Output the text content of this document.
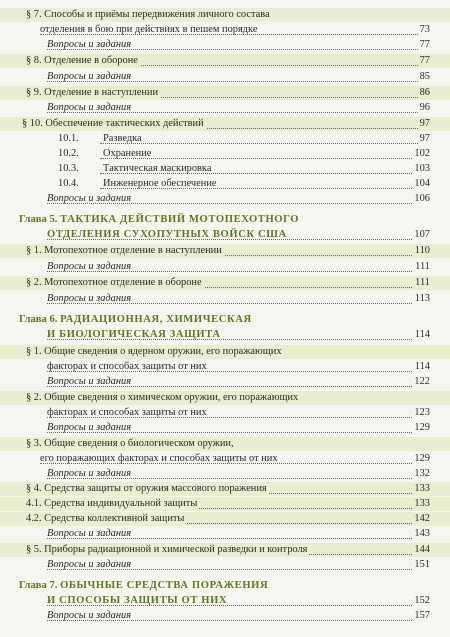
§ 7. Способы и приёмы передвижения личного состава
отделения в бою при действиях в пешем порядке	73
Вопросы и задания	77
§ 8. Отделение в обороне	77
Вопросы и задания	85
§ 9. Отделение в наступлении	86
Вопросы и задания	96
§ 10. Обеспечение тактических действий	97
10.1. Разведка	97
10.2. Охранение	102
10.3. Тактическая маскировка	103
10.4. Инженерное обеспечение	104
Вопросы и задания	106
Глава 5. ТАКТИКА ДЕЙСТВИЙ МОТОПЕХОТНОГО
ОТДЕЛЕНИЯ СУХОПУТНЫХ ВОЙСК США	107
§ 1. Мотопехотное отделение в наступлении	110
Вопросы и задания	111
§ 2. Мотопехотное отделение в обороне	111
Вопросы и задания	113
Глава 6. РАДИАЦИОННАЯ, ХИМИЧЕСКАЯ
И БИОЛОГИЧЕСКАЯ ЗАЩИТА	114
§ 1. Общие сведения о ядерном оружии, его поражающих
факторах и способах защиты от них	114
Вопросы и задания	122
§ 2. Общие сведения о химическом оружии, его поражающих
факторах и способах защиты от них	123
Вопросы и задания	129
§ 3. Общие сведения о биологическом оружии,
его поражающих факторах и способах защиты от них	129
Вопросы и задания	132
§ 4. Средства защиты от оружия массового поражения	133
4.1. Средства индивидуальной защиты	133
4.2. Средства коллективной защиты	142
Вопросы и задания	143
§ 5. Приборы радиационной и химической разведки и контроля	144
Вопросы и задания	151
Глава 7. ОБЫЧНЫЕ СРЕДСТВА ПОРАЖЕНИЯ
И СПОСОБЫ ЗАЩИТЫ ОТ НИХ	152
Вопросы и задания	157
